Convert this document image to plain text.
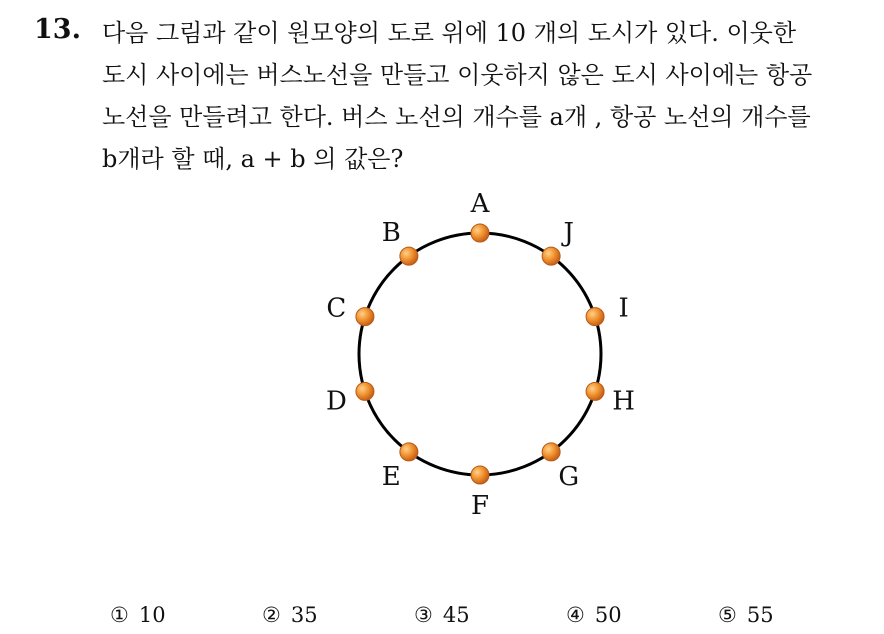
13. 다음 그림과 같이 원모양의 도로 위에 10 개의 도시가 있다. 이웃한
도시 사이에는 버스노선을 만들고 이웃하지 않은 도시 사이에는 항공
노선을 만들려고 한다. 버스 노선의 개수를 a개 , 항공 노선의 개수를
b개라 할 때, a + b 의 값은?
A
J
I
H
G
F
E
D
C
B
① 10	② 35	③ 45	④ 50	⑤ 55
